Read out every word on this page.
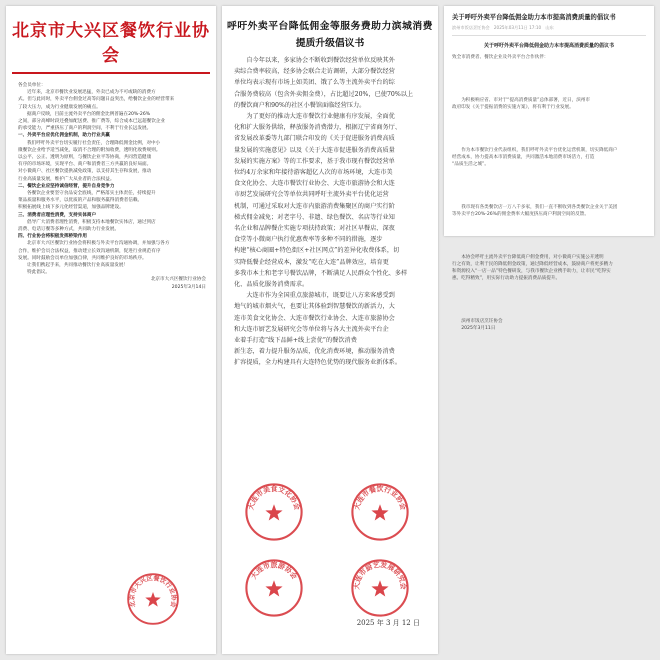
北京市大兴区餐饮行业协会

各会员单位：

近年来，北京市餐饮业发展迅猛，外卖已成为不可或缺的消费方

式。但与此同时，外卖平台佣金过高等问题日益突出，给餐饮企业的经营带来

了较大压力，成为行业健康发展的痛点。

据商户反映，目前主流外卖平台的佣金比例普遍在20%-26%

之间，部分高峰时段还叠加配送费、推广费等，综合成本已远超餐饮企业

的承受能力，严重挤压了商户的利润空间，不利于行业长远发展。

一、外卖平台应优化佣金机制，助力行业共赢

我们呼吁外卖平台切实履行社会责任，合理降低佣金比例，对中小

微餐饮企业给予适当减免，取消不合理的附加收费，透明化收费规则。

以公平、公正、透明为原则，与餐饮企业平等协商，共同营造健康

有序的市场环境，实现平台、商户和消费者三方共赢的良好局面。

对小微商户、社区餐饮提供减免政策，以支持其生存和发展，推动

行业高质量发展，维护广大从业者的合法权益。

二、餐饮企业应坚持诚信经营，提升自身竞争力

各餐饮企业要坚守食品安全底线，严格落实主体责任，持续提升

菜品质量和服务水平，以优质的产品和服务赢得消费者信赖。

积极拓展线上线下多元化经营渠道，加强品牌建设。

三、消费者应理性消费，支持实体商户

倡导广大消费者理性消费，积极支持本地餐饮实体店，通过到店

消费、电话订餐等多种方式，共同助力行业发展。

四、行业协会将积极发挥桥梁作用

北京市大兴区餐饮行业协会将积极与外卖平台沟通协调，并加强与各方

合作，维护会员合法权益，推动建立长效沟通机制，促进行业规范有序

发展。同时鼓励会员单位加强自律，共同维护良好的市场秩序。

让我们携起手来，共同推动餐饮行业高质量发展！

特此倡议。

北京市大兴区餐饮行业协会

2025年3月14日

北京市大兴区餐饮行业协会
呼吁外卖平台降低佣金等服务费助力滨城消费
提质升级倡议书

　　自今年以来，多家协会不断收到餐饮经营单位反映其外

卖综合费率较高，经多协会联合走访调研，大部分餐饮经营

单位均表示现有市场上如美团、饿了么等主流外卖平台的综

合服务费较高（包含外卖佣金费），占比超过20%，已使70%以上

的餐饮商户和90%的社区小餐馆面临经营压力。

　　为了更好的推动大连市餐饮行业健康有序发展，全面优

化和扩大服务供给，释放服务消费潜力，根据辽宁省商务厅、

省发展改革委等九部门联合印发的《关于促进服务消费高质

量发展的实施意见》以及《关于大连市促进服务消费高质量

发展的实施方案》等的工作要求，基于我市现有餐饮经营单

位约4万余家和年接待游客超亿人次的市场环境，大连市美

食文化协会、大连市餐饮行业协会、大连市旅游协会和大连

市厨艺发展研究会等单位共同呼吁主流外卖平台优化运营

机制，可通过采取对大连市内旅游消费集聚区的商户实行阶

梯式佣金减免；对老字号、非遗、绿色餐饮、名店等行业知

名企业和品牌餐企实施专项扶持政策；对社区早餐店、深夜

食堂等小微商户执行优惠费率等多种不同的措施，逐步

构建“核心商圈+特色街区+社区网点”的差异化收费体系，切

实降低餐企经营成本，激发“吃在大连”品牌效应，培育更

多我市本土和老字号餐饮品牌，不断满足人民群众个性化、多样

化、品质化服务消费需求。

　　大连市作为全国重点旅游城市，既要让八方来客感受到

地气的城市烟火气，也要让其体验到智慧餐饮的新活力，大

连市美食文化协会、大连市餐饮行业协会、大连市旅游协会

和大连市厨艺发展研究会等单位将与各大主流外卖平台企

业着手打造“线下品鲜+线上尝优”的餐饮消费

新生态，着力提升服务品质，优化消费环境，推动服务消费

扩容提质，全力构建具有大连特色优势的现代服务业新体系。

大连市美食文化协会	大连市餐饮行业协会
大连市旅游协会
大连市厨艺发展研究会
2025 年 3 月 12 日
关于呼吁外卖平台降低佣金助力本市提高消费质量的倡议书
滨州市饭店烹饪协会　2025年03月11日 17:10　山东
关于呼吁外卖平台降低佣金助力本市提高消费质量的倡议书

致全市消费者、餐饮企业及外卖平台合作伙伴：

　　为积极响应省、市对于“提高消费质量”总体部署，近日，滨州市

政府印发《关于提振消费的实施方案》，将有利于行业发展。

　　作为本市餐饮行业代表组织，我们呼吁外卖平台优化运营机制，切实降低商户

经营成本，协力提高本市消费质量，共同激活本地消费市场活力，打造

“品质生活之城”。

　　我市现有各类餐饮店一万八千多家，我们一直不断收到各类餐饮企业关于美团

等外卖平台20%-26%的佣金费率大幅度挤压商户利润空间的反馈。

　　本协会呼吁主流外卖平台降低商户佣金费用，对小微商户实施公开透明

行之有效，让利于民的降低佣金政策，通过降低经营成本，鼓励商户将更多精力

和资源投入“一店一品”特色餐研发，与我市餐饮企业携手助力，让市民“吃得实

惠、吃得精致”，用实际行动助力提振消费品质提升。

　　滨州市饭店烹饪协会

　　2025年3月11日
